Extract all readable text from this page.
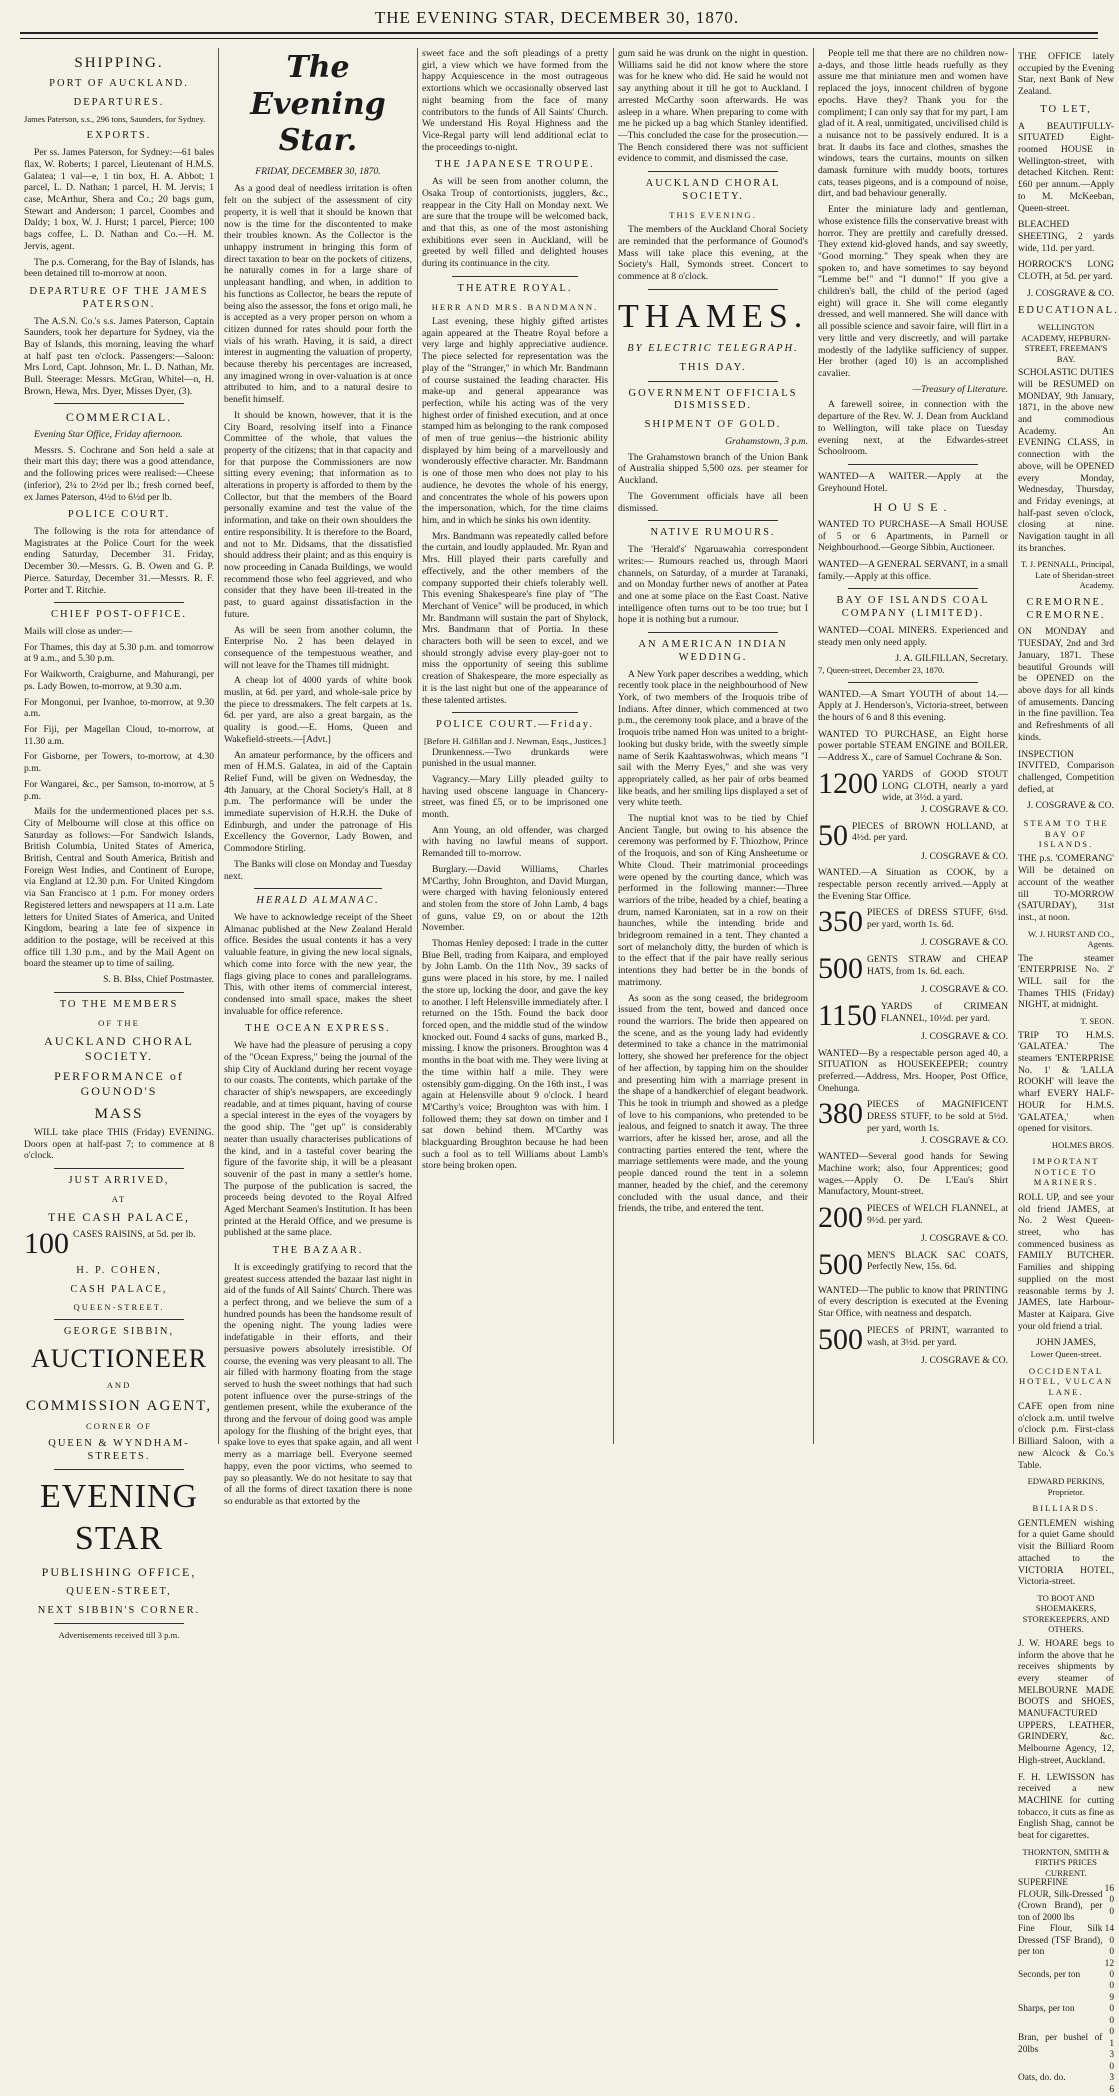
THE EVENING STAR, DECEMBER 30, 1870.
SHIPPING.
PORT OF AUCKLAND.
DEPARTURES.

James Paterson, s.s., 296 tons, Saunders, for Sydney.

EXPORTS.

Per ss. James Paterson, for Sydney:—61 bales flax, W. Roberts; 1 parcel, Lieutenant of H.M.S. Galatea; 1 val—e, 1 tin box, H. A. Abbot; 1 parcel, L. D. Nathan; 1 parcel, H. M. Jervis; 1 case, McArthur, Shera and Co.; 20 bags gum, Stewart and Anderson; 1 parcel, Coombes and Daldy; 1 box, W. J. Hurst; 1 parcel, Pierce; 100 bags coffee, L. D. Nathan and Co.—H. M. Jervis, agent.

The p.s. Comerang, for the Bay of Islands, has been detained till to-morrow at noon.

DEPARTURE OF THE JAMES PATERSON.

The A.S.N. Co.'s s.s. James Paterson, Captain Saunders, took her departure for Sydney, via the Bay of Islands, this morning, leaving the wharf at half past ten o'clock. Passengers:—Saloon: Mrs Lord, Capt. Johnson, Mr. L. D. Nathan, Mr. Bull. Steerage: Messrs. McGrau, Whitel—n, H. Brown, Hewa, Mrs. Dyer, Misses Dyer, (3).

COMMERCIAL.

Evening Star Office, Friday afternoon.

Messrs. S. Cochrane and Son held a sale at their mart this day; there was a good attendance, and the following prices were realised:—Cheese (inferior), 2¼ to 2½d per lb.; fresh corned beef, ex James Paterson, 4½d to 6½d per lb.

POLICE COURT.

The following is the rota for attendance of Magistrates at the Police Court for the week ending Saturday, December 31. Friday, December 30.—Messrs. G. B. Owen and G. P. Pierce. Saturday, December 31.—Messrs. R. F. Porter and T. Ritchie.

CHIEF POST-OFFICE.

Mails will close as under:—

For Thames, this day at 5.30 p.m. and tomorrow at 9 a.m., and 5.30 p.m.

For Waikworth, Craigburne, and Mahurangi, per ps. Lady Bowen, to-morrow, at 9.30 a.m.

For Mongonui, per Ivanhoe, to-morrow, at 9.30 a.m.

For Fiji, per Magellan Cloud, to-morrow, at 11.30 a.m.

For Gisborne, per Towers, to-morrow, at 4.30 p.m.

For Wangarei, &c., per Samson, to-morrow, at 5 p.m.

Mails for the undermentioned places per s.s. City of Melbourne will close at this office on Saturday as follows:—For Sandwich Islands, British Columbia, United States of America, British, Central and South America, British and Foreign West Indies, and Continent of Europe, via England at 12.30 p.m. For United Kingdom via San Francisco at 1 p.m. For money orders Registered letters and newspapers at 11 a.m. Late letters for United States of America, and United Kingdom, bearing a late fee of sixpence in addition to the postage, will be received at this office till 1.30 p.m., and by the Mail Agent on board the steamer up to time of sailing.

S. B. BIss, Chief Postmaster.

TO THE MEMBERS
OF THE
AUCKLAND CHORAL SOCIETY.
PERFORMANCE of GOUNOD'S
MASS

WILL take place THIS (Friday) EVENING. Doors open at half-past 7; to commence at 8 o'clock.

JUST ARRIVED,
AT
THE CASH PALACE,
100 CASES RAISINS, at 5d. per lb.
H. P. COHEN,
CASH PALACE,
QUEEN-STREET.
GEORGE SIBBIN,
AUCTIONEER
AND
COMMISSION AGENT,
CORNER OF
QUEEN & WYNDHAM-STREETS.
EVENING STAR
PUBLISHING OFFICE,
QUEEN-STREET,
NEXT SIBBIN'S CORNER.
Advertisements received till 3 p.m.
The Evening Star.
FRIDAY, DECEMBER 30, 1870.

As a good deal of needless irritation is often felt on the subject of the assessment of city property, it is well that it should be known that now is the time for the discontented to make their troubles known. As the Collector is the unhappy instrument in bringing this form of direct taxation to bear on the pockets of citizens, he naturally comes in for a large share of unpleasant handling, and when, in addition to his functions as Collector, he bears the repute of being also the assessor, the fons et origo mali, he is accepted as a very proper person on whom a citizen dunned for rates should pour forth the vials of his wrath. Having, it is said, a direct interest in augmenting the valuation of property, because thereby his percentages are increased, any imagined wrong in over-valuation is at once attributed to him, and to a natural desire to benefit himself.

It should be known, however, that it is the City Board, resolving itself into a Finance Committee of the whole, that values the property of the citizens; that in that capacity and for that purpose the Commissioners are now sitting every evening; that information as to alterations in property is afforded to them by the Collector, but that the members of the Board personally examine and test the value of the information, and take on their own shoulders the entire responsibility. It is therefore to the Board, and not to Mr. Didsams, that the dissatisfied should address their plaint; and as this enquiry is now proceeding in Canada Buildings, we would recommend those who feel aggrieved, and who consider that they have been ill-treated in the past, to guard against dissatisfaction in the future.

As will be seen from another column, the Enterprise No. 2 has been delayed in consequence of the tempestuous weather, and will not leave for the Thames till midnight.

A cheap lot of 4000 yards of white book muslin, at 6d. per yard, and whole-sale price by the piece to dressmakers. The felt carpets at 1s. 6d. per yard, are also a great bargain, as the quality is good.—E. Homs, Queen and Wakefield-streets.—[Advt.]

An amateur performance, by the officers and men of H.M.S. Galatea, in aid of the Captain Relief Fund, will be given on Wednesday, the 4th January, at the Choral Society's Hall, at 8 p.m. The performance will be under the immediate supervision of H.R.H. the Duke of Edinburgh, and under the patronage of His Excellency the Governor, Lady Bowen, and Commodore Stirling.

The Banks will close on Monday and Tuesday next.

HERALD ALMANAC.

We have to acknowledge receipt of the Sheet Almanac published at the New Zealand Herald office. Besides the usual contents it has a very valuable feature, in giving the new local signals, which come into force with the new year, the flags giving place to cones and parallelograms. This, with other items of commercial interest, condensed into small space, makes the sheet invaluable for office reference.

THE OCEAN EXPRESS.

We have had the pleasure of perusing a copy of the "Ocean Express," being the journal of the ship City of Auckland during her recent voyage to our coasts. The contents, which partake of the character of ship's newspapers, are exceedingly readable, and at times piquant, having of course a special interest in the eyes of the voyagers by the good ship. The "get up" is considerably neater than usually characterises publications of the kind, and in a tasteful cover bearing the figure of the favorite ship, it will be a pleasant souvenir of the past in many a settler's home. The purpose of the publication is sacred, the proceeds being devoted to the Royal Alfred Aged Merchant Seamen's Institution. It has been printed at the Herald Office, and we presume is published at the same place.

THE BAZAAR.

It is exceedingly gratifying to record that the greatest success attended the bazaar last night in aid of the funds of All Saints' Church. There was a perfect throng, and we believe the sum of a hundred pounds has been the handsome result of the opening night. The young ladies were indefatigable in their efforts, and their persuasive powers absolutely irresistible. Of course, the evening was very pleasant to all. The air filled with harmony floating from the stage served to hush the sweet nothings that had such potent influence over the purse-strings of the gentlemen present, while the exuberance of the throng and the fervour of doing good was ample apology for the flushing of the bright eyes, that spake love to eyes that spake again, and all went merry as a marriage bell. Everyone seemed happy, even the poor victims, who seemed to pay so pleasantly. We do not hesitate to say that of all the forms of direct taxation there is none so endurable as that extorted by the

sweet face and the soft pleadings of a pretty girl, a view which we have formed from the happy Acquiescence in the most outrageous extortions which we occasionally observed last night beaming from the face of many contributors to the funds of All Saints' Church. We understand His Royal Highness and the Vice-Regal party will lend additional eclat to the proceedings to-night.

THE JAPANESE TROUPE.

As will be seen from another column, the Osaka Troup of contortionists, jugglers, &c., reappear in the City Hall on Monday next. We are sure that the troupe will be welcomed back, and that this, as one of the most astonishing exhibitions ever seen in Auckland, will be greeted by well filled and delighted houses during its continuance in the city.

THEATRE ROYAL.
HERR AND MRS. BANDMANN.

Last evening, these highly gifted artistes again appeared at the Theatre Royal before a very large and highly appreciative audience. The piece selected for representation was the play of the "Stranger," in which Mr. Bandmann of course sustained the leading character. His make-up and general appearance was perfection, while his acting was of the very highest order of finished execution, and at once stamped him as belonging to the rank composed of men of true genius—the histrionic ability displayed by him being of a marvellously and wonderously effective character. Mr. Bandmann is one of those men who does not play to his audience, he devotes the whole of his energy, and concentrates the whole of his powers upon the impersonation, which, for the time claims him, and in which he sinks his own identity.

Mrs. Bandmann was repeatedly called before the curtain, and loudly applauded. Mr. Ryan and Mrs. Hill played their parts carefully and effectively, and the other members of the company supported their chiefs tolerably well. This evening Shakespeare's fine play of "The Merchant of Venice" will be produced, in which Mr. Bandmann will sustain the part of Shylock, Mrs. Bandmann that of Portia. In these characters both will be seen to excel, and we should strongly advise every play-goer not to miss the opportunity of seeing this sublime creation of Shakespeare, the more especially as it is the last night but one of the appearance of these talented artistes.

POLICE COURT.—Friday.
[Before H. Gilfillan and J. Newman, Esqs., Justices.]

Drunkenness.—Two drunkards were punished in the usual manner.

Vagrancy.—Mary Lilly pleaded guilty to having used obscene language in Chancery-street, was fined £5, or to be imprisoned one month.

Ann Young, an old offender, was charged with having no lawful means of support. Remanded till to-morrow.

Burglary.—David Williams, Charles M'Carthy, John Broughton, and David Murgan, were charged with having feloniously entered and stolen from the store of John Lamb, 4 bags of guns, value £9, on or about the 12th November.

Thomas Henley deposed: I trade in the cutter Blue Bell, trading from Kaipara, and employed by John Lamb. On the 11th Nov., 39 sacks of guns were placed in his store, by me. I nailed the store up, locking the door, and gave the key to another. I left Helensville immediately after. I returned on the 15th. Found the back door forced open, and the middle stud of the window knocked out. Found 4 sacks of guns, marked B., missing. I know the prisoners. Broughton was 4 months in the boat with me. They were living at the time within half a mile. They were ostensibly gum-digging. On the 16th inst., I was again at Helensville about 9 o'clock. I heard M'Carthy's voice; Broughton was with him. I followed them; they sat down on timber and I sat down behind them. M'Carthy was blackguarding Broughton because he had been such a fool as to tell Williams about Lamb's store being broken open.

gum said he was drunk on the night in question. Williams said he did not know where the store was for he knew who did. He said he would not say anything about it till he got to Auckland. I arrested McCarthy soon afterwards. He was asleep in a whare. When preparing to come with me he picked up a bag which Stanley identified.—This concluded the case for the prosecution.—The Bench considered there was not sufficient evidence to commit, and dismissed the case.

AUCKLAND CHORAL SOCIETY.
THIS EVENING.

The members of the Auckland Choral Society are reminded that the performance of Gounod's Mass will take place this evening, at the Society's Hall, Symonds street. Concert to commence at 8 o'clock.

THAMES.
BY ELECTRIC TELEGRAPH.
THIS DAY.
GOVERNMENT OFFICIALS DISMISSED.
SHIPMENT OF GOLD.

Grahamstown, 3 p.m.

The Grahamstown branch of the Union Bank of Australia shipped 5,500 ozs. per steamer for Auckland.

The Government officials have all been dismissed.

NATIVE RUMOURS.

The 'Herald's' Ngaruawahia correspondent writes:— Rumours reached us, through Maori channels, on Saturday, of a murder at Taranaki, and on Monday further news of another at Patea and one at some place on the East Coast. Native intelligence often turns out to be too true; but I hope it is nothing but a rumour.

AN AMERICAN INDIAN WEDDING.

A New York paper describes a wedding, which recently took place in the neighbourhood of New York, of two members of the Iroquois tribe of Indians. After dinner, which commenced at two p.m., the ceremony took place, and a brave of the Iroquois tribe named Hon was united to a bright-looking but dusky bride, with the sweetly simple name of Serik Kaahtaswohwas, which means "I sail with the Merry Eyes," and she was very appropriately called, as her pair of orbs beamed like beads, and her smiling lips displayed a set of very white teeth.

The nuptial knot was to be tied by Chief Ancient Tangle, but owing to his absence the ceremony was performed by F. Thiozhow, Prince of the Iroquois, and son of King Ansheetume or White Cloud. Their matrimonial proceedings were opened by the courting dance, which was performed in the following manner:—Three warriors of the tribe, headed by a chief, beating a drum, named Karoniaten, sat in a row on their haunches, while the intending bride and bridegroom remained in a tent. They chanted a sort of melancholy ditty, the burden of which is to the effect that if the pair have really serious intentions they had better be in the bonds of matrimony.

As soon as the song ceased, the bridegroom issued from the tent, bowed and danced once round the warriors. The bride then appeared on the scene, and as the young lady had evidently determined to take a chance in the matrimonial lottery, she showed her preference for the object of her affection, by tapping him on the shoulder and presenting him with a marriage present in the shape of a handkerchief of elegant beadwork. This he took in triumph and showed as a pledge of love to his companions, who pretended to be jealous, and feigned to snatch it away. The three warriors, after he kissed her, arose, and all the contracting parties entered the tent, where the marriage settlements were made, and the young people danced round the tent in a solemn manner, headed by the chief, and the ceremony concluded with the usual dance, and their friends, the tribe, and entered the tent.

People tell me that there are no children now-a-days, and those little heads ruefully as they assure me that miniature men and women have replaced the joys, innocent children of bygone epochs. Have they? Thank you for the compliment; I can only say that for my part, I am glad of it. A real, unmitigated, uncivilised child is a nuisance not to be passively endured. It is a brat. It daubs its face and clothes, smashes the windows, tears the curtains, mounts on silken damask furniture with muddy boots, tortures cats, teases pigeons, and is a compound of noise, dirt, and bad behaviour generally.

Enter the miniature lady and gentleman, whose existence fills the conservative breast with horror. They are prettily and carefully dressed. They extend kid-gloved hands, and say sweetly, "Good morning." They speak when they are spoken to, and have sometimes to say beyond "Lemme be!" and "I dunno!" If you give a children's ball, the child of the period (aged eight) will grace it. She will come elegantly dressed, and well mannered. She will dance with all possible science and savoir faire, will flirt in a very little and very discreetly, and will partake modestly of the ladylike sufficiency of supper. Her brother (aged 10) is an accomplished cavalier.

—Treasury of Literature.

A farewell soiree, in connection with the departure of the Rev. W. J. Dean from Auckland to Wellington, will take place on Tuesday evening next, at the Edwardes-street Schoolroom.

WANTED—A WAITER.—Apply at the Greyhound Hotel.
HOUSE.
WANTED TO PURCHASE—A Small HOUSE of 5 or 6 Apartments, in Parnell or Neighbourhood.—George Sibbin, Auctioneer.
WANTED—A GENERAL SERVANT, in a small family.—Apply at this office.
BAY OF ISLANDS COAL COMPANY (LIMITED).
WANTED—COAL MINERS. Experienced and steady men only need apply.
J. A. GILFILLAN, Secretary.
7, Queen-street, December 23, 1870.
WANTED.—A Smart YOUTH of about 14.—Apply at J. Henderson's, Victoria-street, between the hours of 6 and 8 this evening.
WANTED TO PURCHASE, an Eight horse power portable STEAM ENGINE and BOILER.—Address X., care of Samuel Cochrane & Son.
1200 YARDS of GOOD STOUT LONG CLOTH, nearly a yard wide, at 3½d. a yard.
J. COSGRAVE & CO.
50 PIECES of BROWN HOLLAND, at 4½d. per yard.
J. COSGRAVE & CO.
WANTED.—A Situation as COOK, by a respectable person recently arrived.—Apply at the Evening Star Office.
350 PIECES of DRESS STUFF, 6½d. per yard, worth 1s. 6d.
J. COSGRAVE & CO.
500 GENTS STRAW and CHEAP HATS, from 1s. 6d. each.
J. COSGRAVE & CO.
1150 YARDS of CRIMEAN FLANNEL, 10½d. per yard.
J. COSGRAVE & CO.
WANTED—By a respectable person aged 40, a SITUATION as HOUSEKEEPER; country preferred.—Address, Mrs. Hooper, Post Office, Onehunga.
380 PIECES of MAGNIFICENT DRESS STUFF, to be sold at 5½d. per yard, worth 1s.
J. COSGRAVE & CO.
WANTED—Several good hands for Sewing Machine work; also, four Apprentices; good wages.—Apply O. De L'Eau's Shirt Manufactory, Mount-street.
200 PIECES of WELCH FLANNEL, at 9½d. per yard.
J. COSGRAVE & CO.
500 MEN'S BLACK SAC COATS, Perfectly New, 15s. 6d.
WANTED—The public to know that PRINTING of every description is executed at the Evening Star Office, with neatness and despatch.
500 PIECES of PRINT, warranted to wash, at 3½d. per yard.
J. COSGRAVE & CO.
THE OFFICE lately occupied by the Evening Star, next Bank of New Zealand.
TO LET,
A BEAUTIFULLY-SITUATED Eight-roomed HOUSE in Wellington-street, with detached Kitchen. Rent: £60 per annum.—Apply to M. McKeeban, Queen-street.
BLEACHED SHEETING, 2 yards wide, 11d. per yard.
HORROCK'S LONG CLOTH, at 5d. per yard.
J. COSGRAVE & CO.
EDUCATIONAL.
WELLINGTON ACADEMY, HEPBURN-STREET, FREEMAN'S BAY.
SCHOLASTIC DUTIES will be RESUMED on MONDAY, 9th January, 1871, in the above new and commodious Academy. An EVENING CLASS, in connection with the above, will be OPENED every Monday, Wednesday, Thursday, and Friday evenings, at half-past seven o'clock, closing at nine. Navigation taught in all its branches.
T. J. PENNALL, Principal, Late of Sheridan-street Academy.
CREMORNE. CREMORNE.
ON MONDAY and TUESDAY, 2nd and 3rd January, 1871. These beautiful Grounds will be OPENED on the above days for all kinds of amusements. Dancing in the fine pavillion. Tea and Refreshments of all kinds.
INSPECTION INVITED, Comparison challenged, Competition defied, at
J. COSGRAVE & CO.
STEAM TO THE BAY OF ISLANDS.
THE p.s. 'COMERANG' Will be detained on account of the weather till TO-MORROW (SATURDAY), 31st inst., at noon.
W. J. HURST AND CO., Agents.
The steamer 'ENTERPRISE No. 2' WILL sail for the Thames THIS (Friday) NIGHT, at midnight.
T. SEON.
TRIP TO H.M.S. 'GALATEA.' The steamers 'ENTERPRISE No. 1' & 'LALLA ROOKH' will leave the wharf EVERY HALF-HOUR for H.M.S. 'GALATEA,' when opened for visitors.
HOLMES BROS.
IMPORTANT NOTICE TO MARINERS.
ROLL UP, and see your old friend JAMES, at No. 2 West Queen-street, who has commenced business as FAMILY BUTCHER. Families and shipping supplied on the most reasonable terms by J. JAMES, late Harbour-Master at Kaipara. Give your old friend a trial.
JOHN JAMES,
Lower Queen-street.
OCCIDENTAL HOTEL, VULCAN LANE.
CAFE open from nine o'clock a.m. until twelve o'clock p.m. First-class Billiard Saloon, with a new Alcock & Co.'s Table.
EDWARD PERKINS, Proprietor.
BILLIARDS.
GENTLEMEN wishing for a quiet Game should visit the Billiard Room attached to the VICTORIA HOTEL, Victoria-street.
TO BOOT AND SHOEMAKERS, STOREKEEPERS, AND OTHERS.
J. W. HOARE begs to inform the above that he receives shipments by every steamer of MELBOURNE MADE BOOTS and SHOES, MANUFACTURED UPPERS, LEATHER, GRINDERY, &c. Melbourne Agency, 12, High-street, Auckland.
F. H. LEWISSON has received a new MACHINE for cutting tobacco, it cuts as fine as English Shag, cannot be beat for cigarettes.
THORNTON, SMITH & FIRTH'S PRICES CURRENT.
SUPERFINE FLOUR, Silk-Dressed (Crown Brand), per ton of 2000 lbs	16 0 0
Fine Flour, Silk Dressed (TSF Brand), per ton	14 0 0
Seconds, per ton	12 0 0
Sharps, per ton	9 0 0
Bran, per bushel of 20lbs	0 1 3
Oats, do. do.	0 3 6
